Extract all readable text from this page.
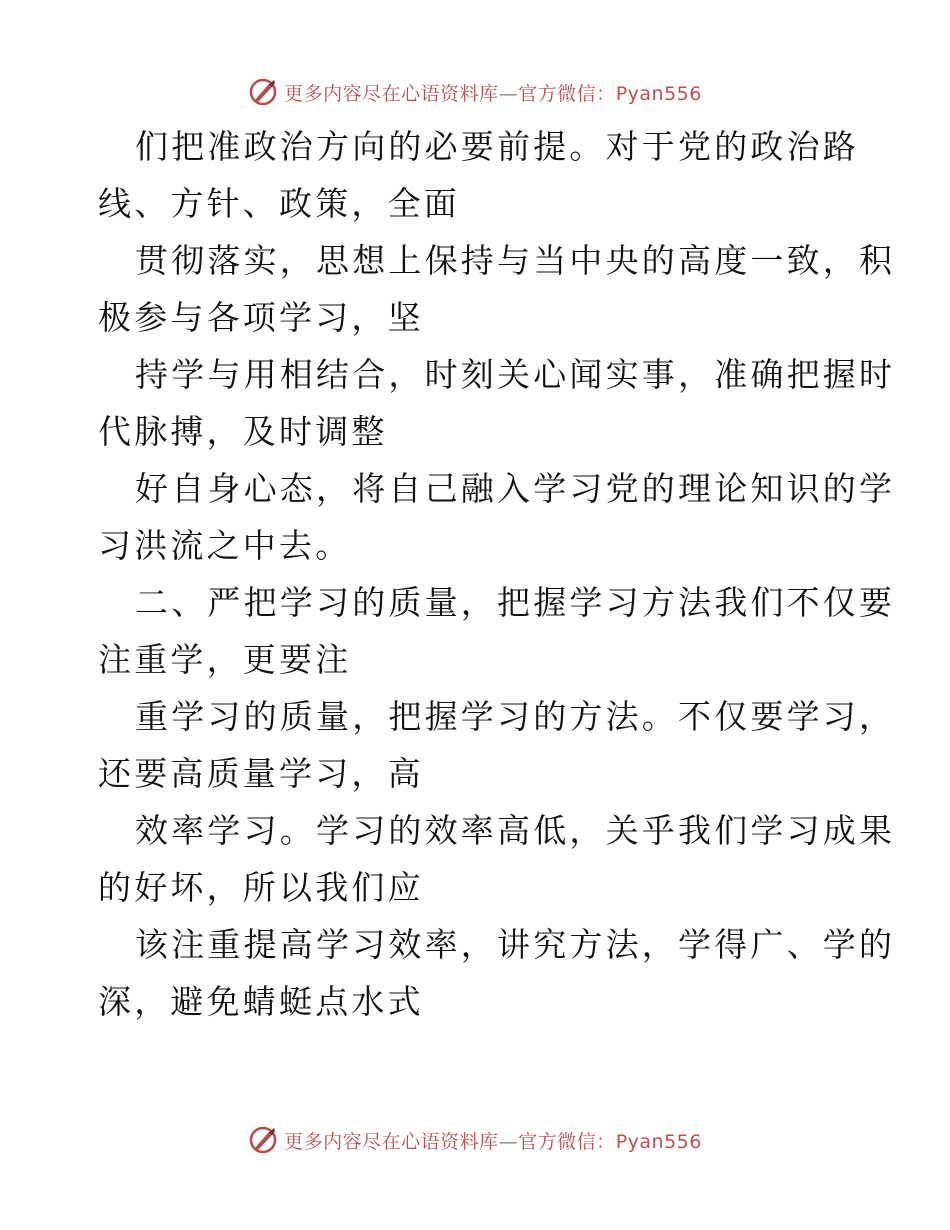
更多内容尽在心语资料库—官方微信：Pyan556
们把准政治方向的必要前提。对于党的政治路
线、方针、政策，全面
贯彻落实，思想上保持与当中央的高度一致，积
极参与各项学习，坚
持学与用相结合，时刻关心闻实事，准确把握时
代脉搏，及时调整
好自身心态，将自己融入学习党的理论知识的学
习洪流之中去。
二、严把学习的质量，把握学习方法我们不仅要
注重学，更要注
重学习的质量，把握学习的方法。不仅要学习，
还要高质量学习，高
效率学习。学习的效率高低，关乎我们学习成果
的好坏，所以我们应
该注重提高学习效率，讲究方法，学得广、学的
深，避免蜻蜓点水式
更多内容尽在心语资料库—官方微信：Pyan556
